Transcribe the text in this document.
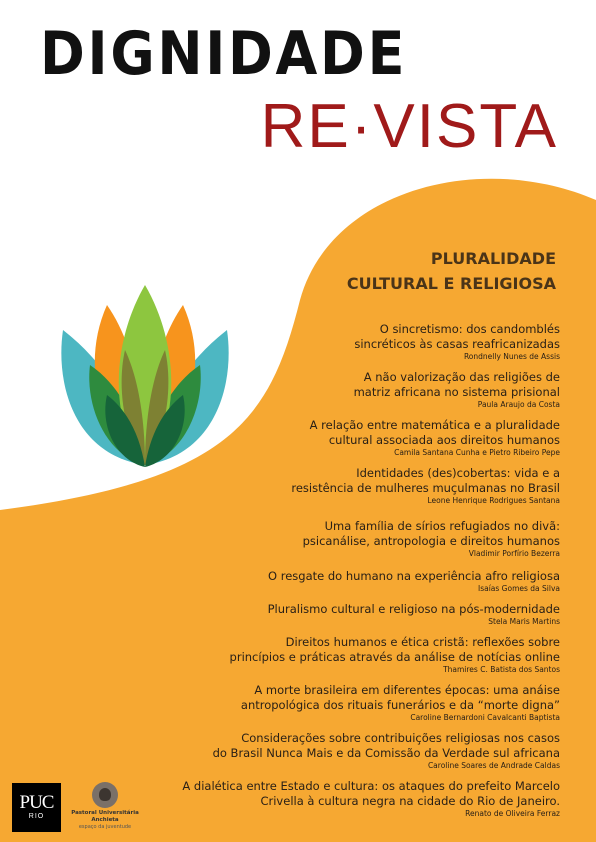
DIGNIDADE
RE·VISTA
PLURALIDADE
CULTURAL E RELIGIOSA
O sincretismo: dos candomblés
sincréticos às casas reafricanizadas
Rondnelly Nunes de Assis
A não valorização das religiões de
matriz africana no sistema prisional
Paula Araujo da Costa
A relação entre matemática e a pluralidade
cultural associada aos direitos humanos
Camila Santana Cunha e Pietro Ribeiro Pepe
Identidades (des)cobertas: vida e a
resistência de mulheres muçulmanas no Brasil
Leone Henrique Rodrigues Santana
Uma família de sírios refugiados no divã:
psicanálise, antropologia e direitos humanos
Vladimir Porfírio Bezerra
O resgate do humano na experiência afro religiosa
Isaías Gomes da Silva
Pluralismo cultural e religioso na pós-modernidade
Stela Maris Martins
Direitos humanos e ética cristã: reflexões sobre
princípios e práticas através da análise de notícias online
Thamires C. Batista dos Santos
A morte brasileira em diferentes épocas: uma anáise
antropológica dos rituais funerários e da “morte digna”
Caroline Bernardoni Cavalcanti Baptista
Considerações sobre contribuições religiosas nos casos
do Brasil Nunca Mais e da Comissão da Verdade sul africana
Caroline Soares de Andrade Caldas
A dialética entre Estado e cultura: os ataques do prefeito Marcelo
Crivella à cultura negra na cidade do Rio de Janeiro.
Renato de Oliveira Ferraz
PUC
RIO	Pastoral Universitária
Anchieta
espaço da juventude
